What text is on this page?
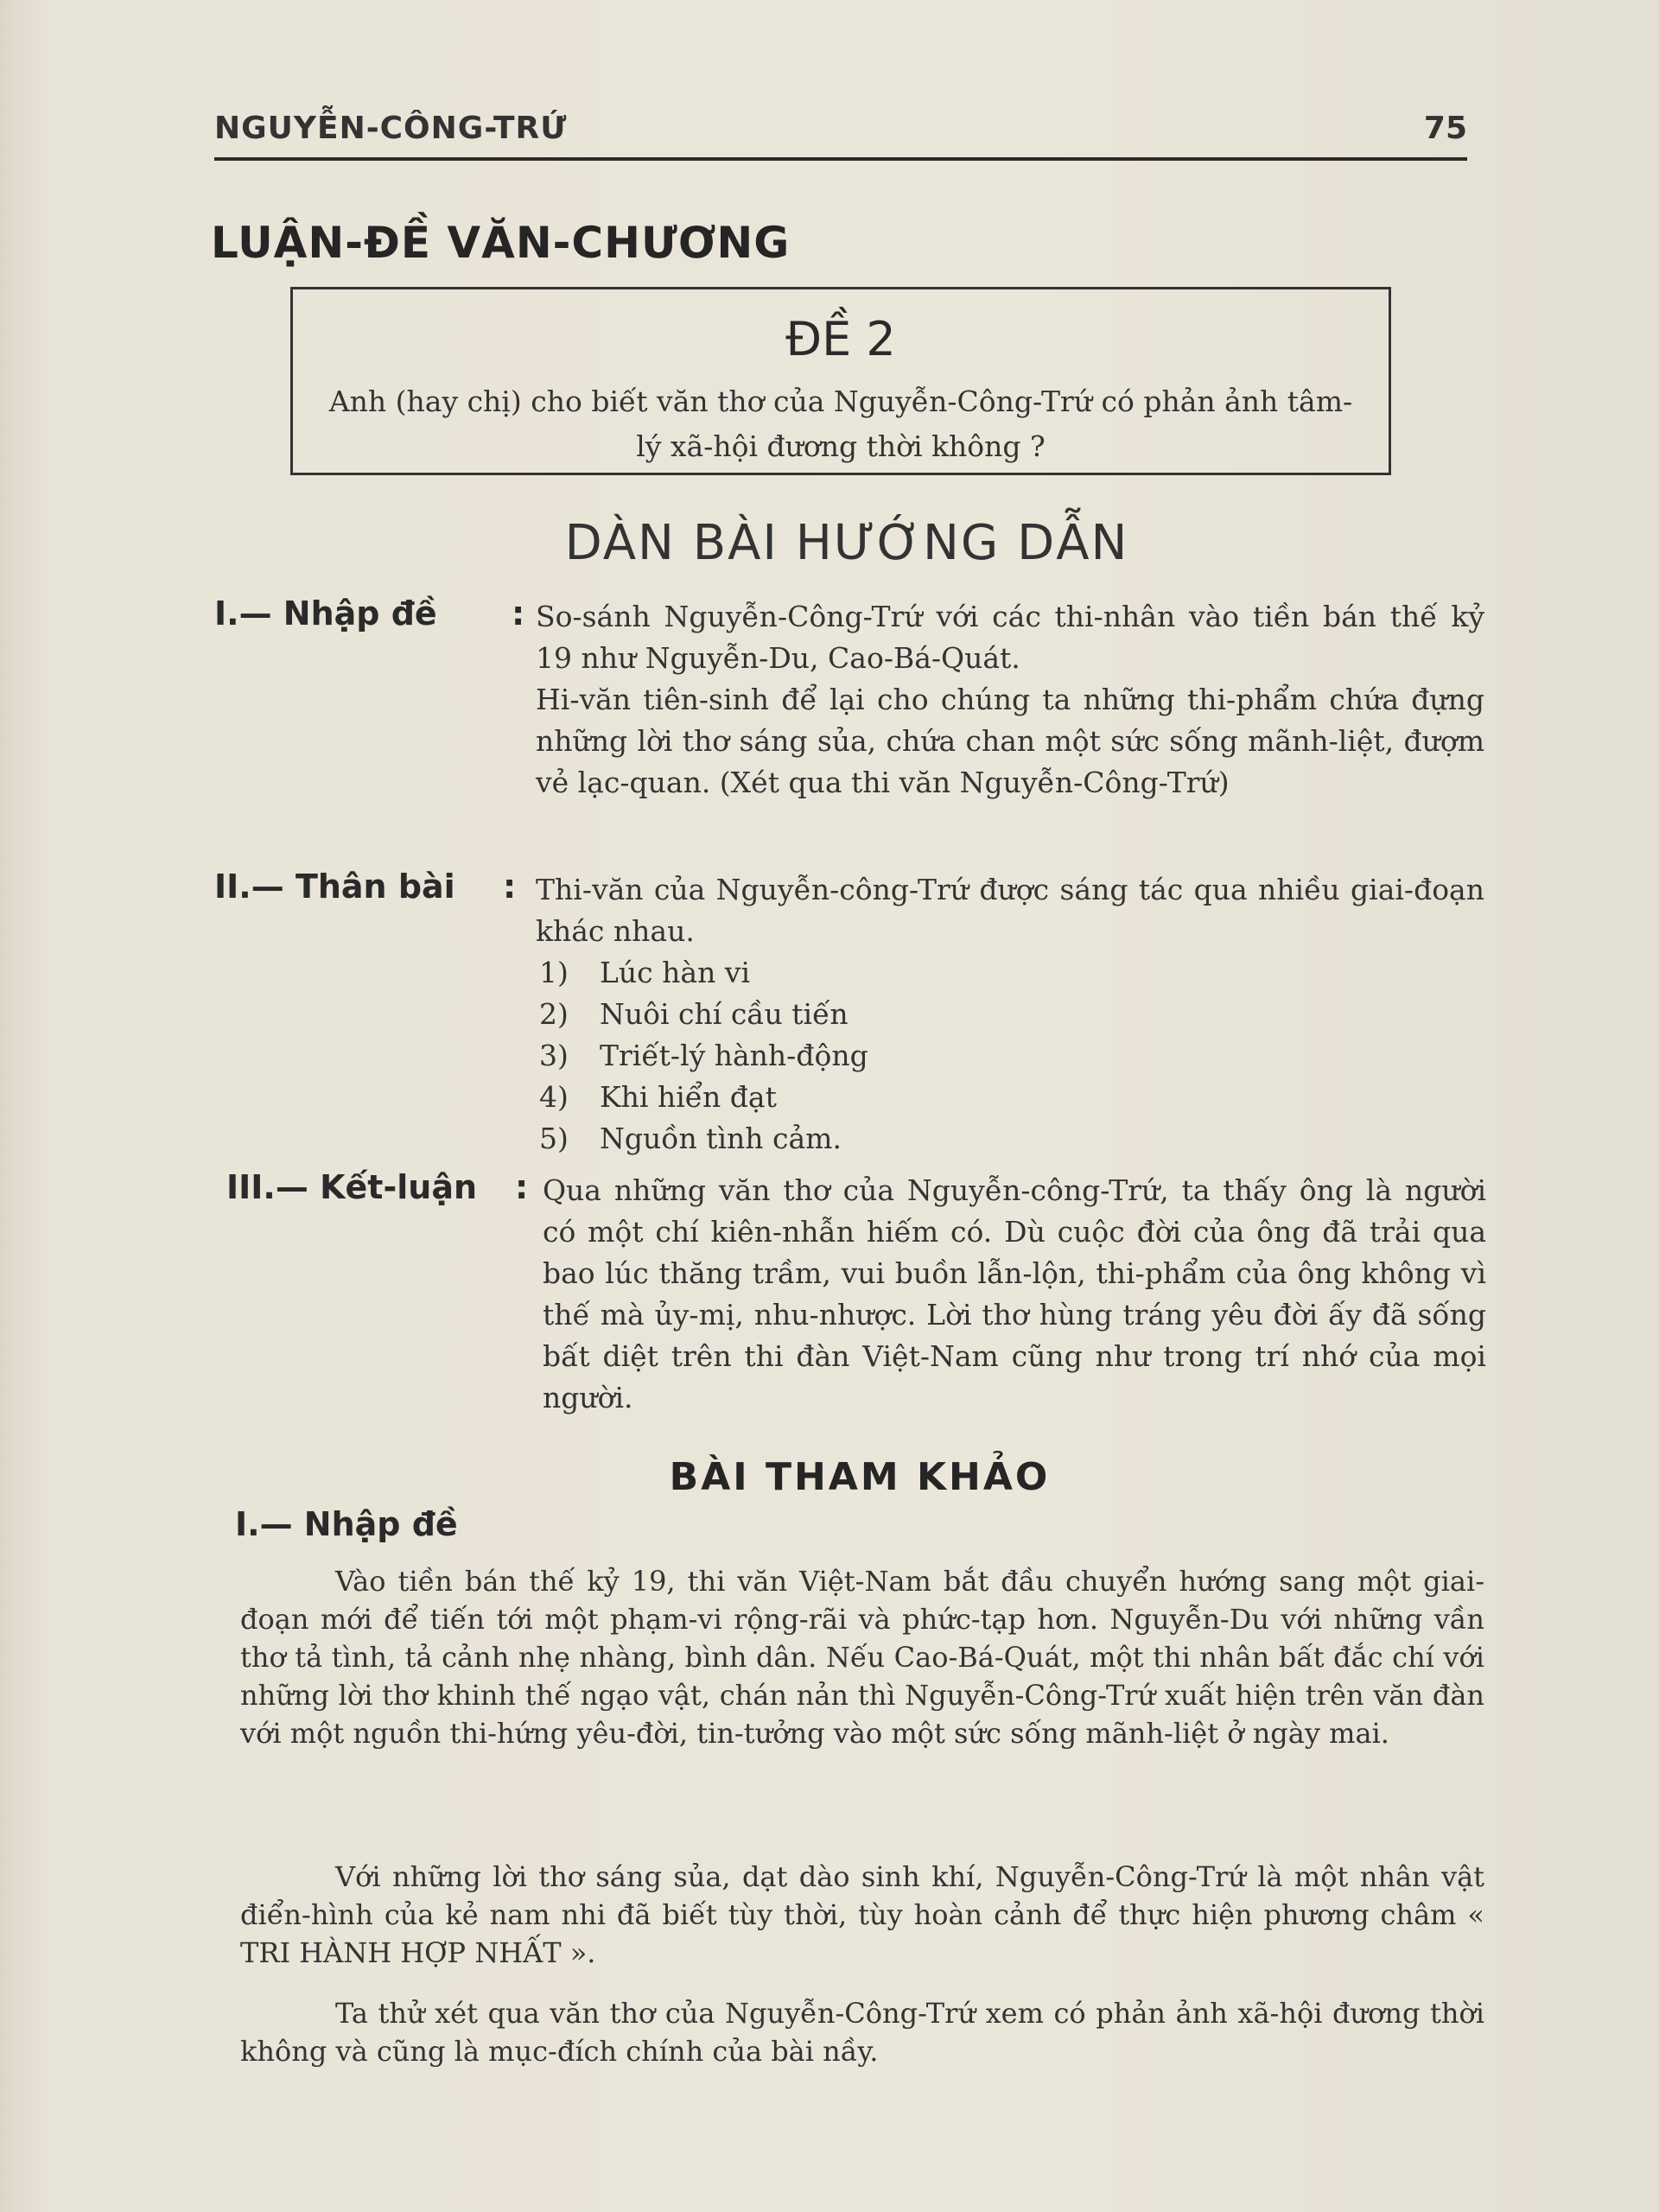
NGUYỄN-CÔNG-TRỨ	75
LUẬN-ĐỀ VĂN-CHƯƠNG
ĐỀ 2
Anh (hay chị) cho biết văn thơ của Nguyễn-Công-Trứ có phản ảnh tâm-lý xã-hội đương thời không ?
DÀN BÀI HƯỚNG DẪN
I.— Nhập đề : So-sánh Nguyễn-Công-Trứ với các thi-nhân vào tiền bán thế kỷ 19 như Nguyễn-Du, Cao-Bá-Quát.

Hi-văn tiên-sinh để lại cho chúng ta những thi-phẩm chứa đựng những lời thơ sáng sủa, chứa chan một sức sống mãnh-liệt, đượm vẻ lạc-quan. (Xét qua thi văn Nguyễn-Công-Trứ)

II.— Thân bài : Thi-văn của Nguyễn-công-Trứ được sáng tác qua nhiều giai-đoạn khác nhau.

1) Lúc hàn vi
2) Nuôi chí cầu tiến
3) Triết-lý hành-động
4) Khi hiển đạt
5) Nguồn tình cảm.
III.— Kết-luận : Qua những văn thơ của Nguyễn-công-Trứ, ta thấy ông là người có một chí kiên-nhẫn hiếm có. Dù cuộc đời của ông đã trải qua bao lúc thăng trầm, vui buồn lẫn-lộn, thi-phẩm của ông không vì thế mà ủy-mị, nhu-nhược. Lời thơ hùng tráng yêu đời ấy đã sống bất diệt trên thi đàn Việt-Nam cũng như trong trí nhớ của mọi người.

BÀI THAM KHẢO
I.— Nhập đề

Vào tiền bán thế kỷ 19, thi văn Việt-Nam bắt đầu chuyển hướng sang một giai-đoạn mới để tiến tới một phạm-vi rộng-rãi và phức-tạp hơn. Nguyễn-Du với những vần thơ tả tình, tả cảnh nhẹ nhàng, bình dân. Nếu Cao-Bá-Quát, một thi nhân bất đắc chí với những lời thơ khinh thế ngạo vật, chán nản thì Nguyễn-Công-Trứ xuất hiện trên văn đàn với một nguồn thi-hứng yêu-đời, tin-tưởng vào một sức sống mãnh-liệt ở ngày mai.

Với những lời thơ sáng sủa, dạt dào sinh khí, Nguyễn-Công-Trứ là một nhân vật điển-hình của kẻ nam nhi đã biết tùy thời, tùy hoàn cảnh để thực hiện phương châm « TRI HÀNH HỢP NHẤT ».

Ta thử xét qua văn thơ của Nguyễn-Công-Trứ xem có phản ảnh xã-hội đương thời không và cũng là mục-đích chính của bài nầy.
